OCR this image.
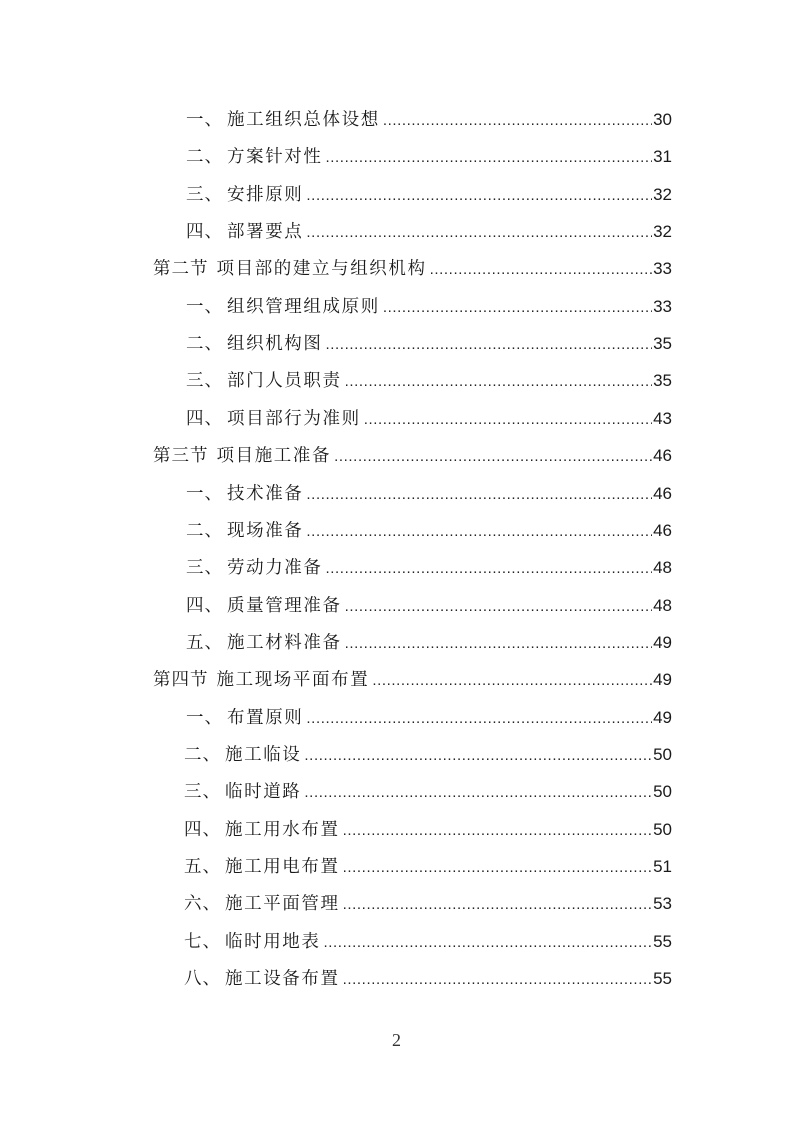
一、 施工组织总体设想 .....	30
二、 方案针对性 .....	31
三、 安排原则 .....	32
四、 部署要点 .....	32
第二节 项目部的建立与组织机构 .....	33
一、 组织管理组成原则 .....	33
二、 组织机构图 .....	35
三、 部门人员职责 .....	35
四、 项目部行为准则 .....	43
第三节 项目施工准备 .....	46
一、 技术准备 .....	46
二、 现场准备 .....	46
三、 劳动力准备 .....	48
四、 质量管理准备 .....	48
五、 施工材料准备 .....	49
第四节 施工现场平面布置 .....	49
一、 布置原则 .....	49
二、 施工临设 .....	50
三、 临时道路 .....	50
四、 施工用水布置 .....	50
五、 施工用电布置 .....	51
六、 施工平面管理 .....	53
七、 临时用地表 .....	55
八、 施工设备布置 .....	55
2
